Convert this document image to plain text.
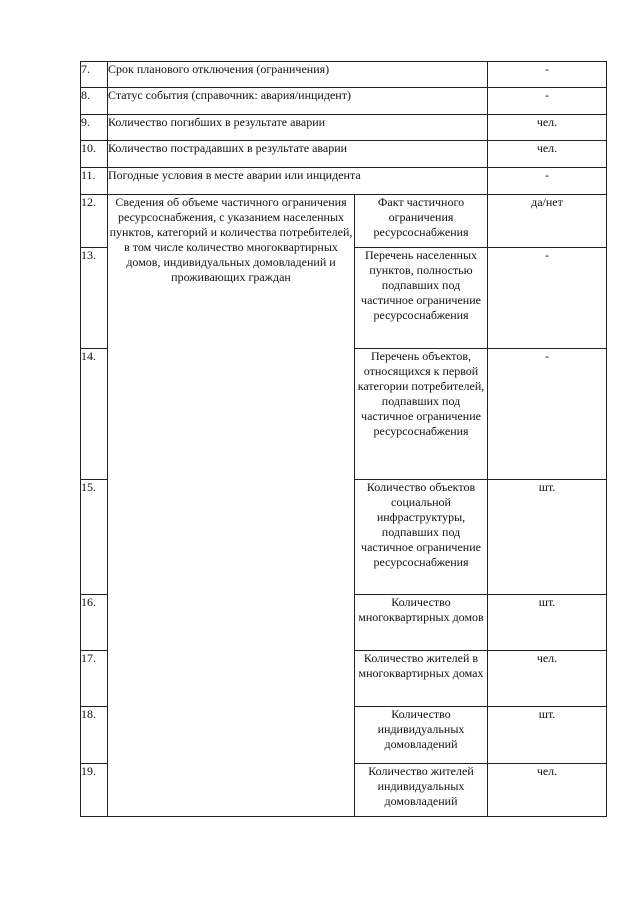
7.	Срок планового отключения (ограничения)		-
8.	Статус события (справочник: авария/инцидент)		-
9.	Количество погибших в результате аварии		чел.
10.	Количество пострадавших в результате аварии		чел.
11.	Погодные условия в месте аварии или инцидента		-
12.	Сведения об объеме частичного ограничения ресурсоснабжения, с указанием населенных пунктов, категорий и количества потребителей, в том числе количество многоквартирных домов, индивидуальных домовладений и проживающих граждан	Факт частичного ограничения ресурсоснабжения	да/нет
13.		Перечень населенных пунктов, полностью подпавших под частичное ограничение ресурсоснабжения	-
14.		Перечень объектов, относящихся к первой категории потребителей, подпавших под частичное ограничение ресурсоснабжения	-
15.		Количество объектов социальной инфраструктуры, подпавших под частичное ограничение ресурсоснабжения	шт.
16.		Количество многоквартирных домов	шт.
17.		Количество жителей в многоквартирных домах	чел.
18.		Количество индивидуальных домовладений	шт.
19.		Количество жителей индивидуальных домовладений	чел.
